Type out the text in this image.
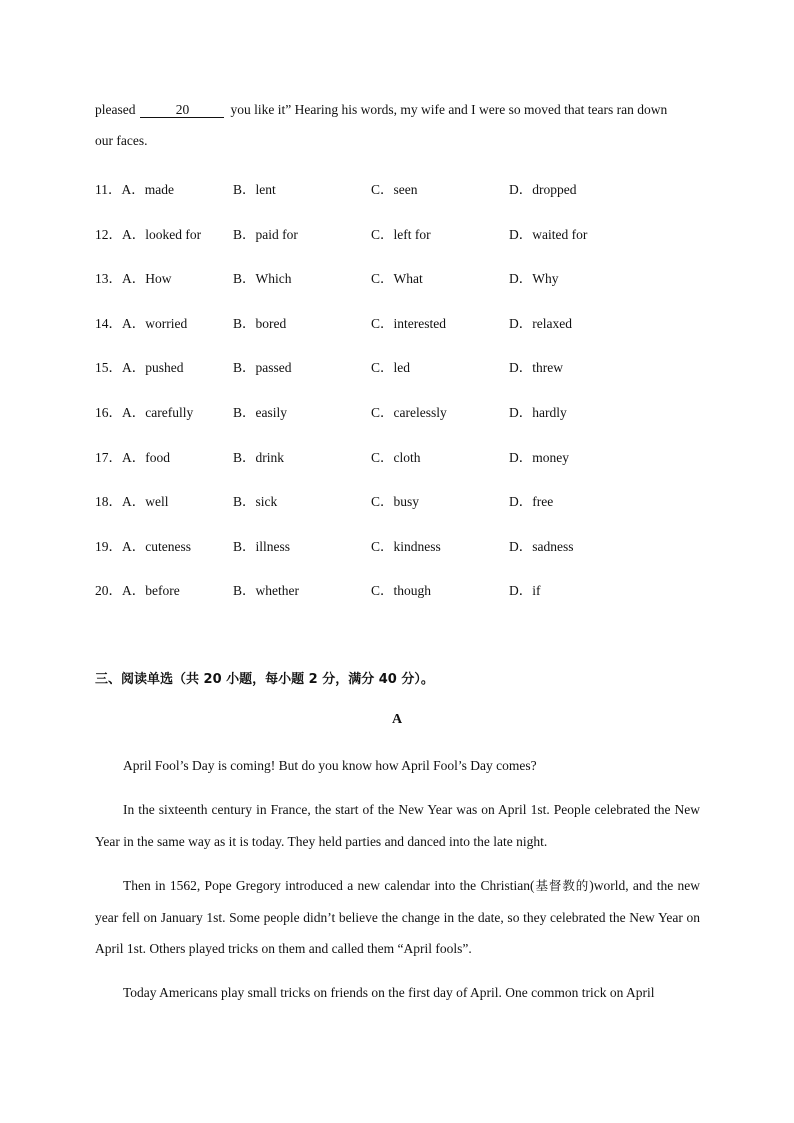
pleased	20	you like it” Hearing his words, my wife and I were so moved that tears ran down
our faces.
11．A．made	B．lent	C．seen	D．dropped
12．A．looked for B．paid for	C．left for	D．waited for
13．A．How	B．Which	C．What	D．Why
14．A．worried	B．bored	C．interested	D．relaxed
15．A．pushed	B．passed	C．led	D．threw
16．A．carefully	B．easily	C．carelessly	D．hardly
17．A．food	B．drink	C．cloth	D．money
18．A．well	B．sick	C．busy	D．free
19．A．cuteness	B．illness	C．kindness	D．sadness
20．A．before	B．whether	C．though	D．if
三、阅读单选（共 20 小题，每小题 2 分，满分 40 分）。
A
April Fool’s Day is coming! But do you know how April Fool’s Day comes?
In the sixteenth century in France, the start of the New Year was on April 1st. People celebrated the New Year in the same way as it is today. They held parties and danced into the late night.
Then in 1562, Pope Gregory introduced a new calendar into the Christian(基督教的)world, and the new year fell on January 1st. Some people didn’t believe the change in the date, so they celebrated the New Year on April 1st. Others played tricks on them and called them “April fools”.
Today Americans play small tricks on friends on the first day of April. One common trick on April
